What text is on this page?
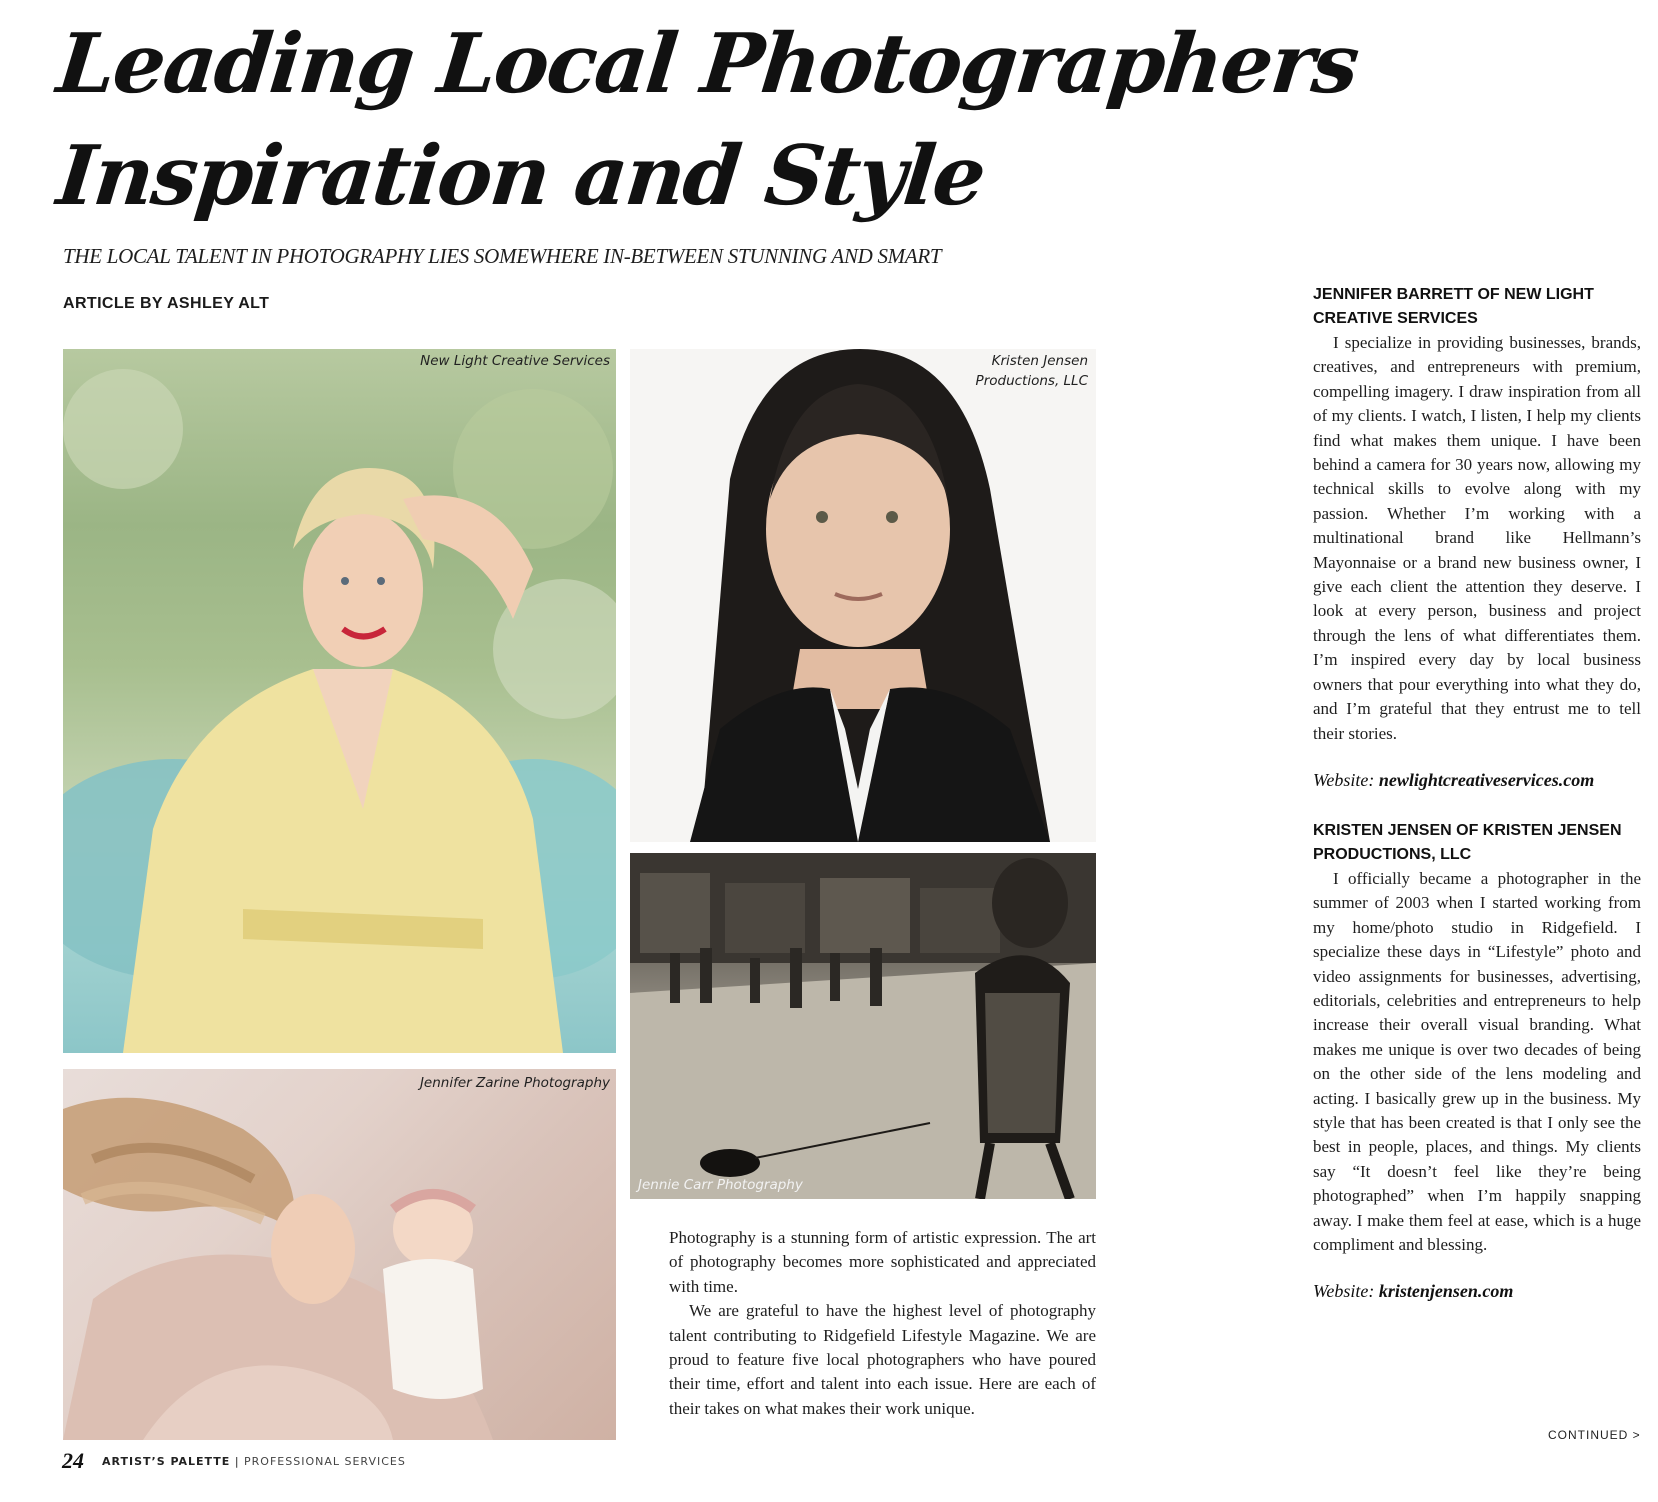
Leading Local Photographers
Inspiration and Style
THE LOCAL TALENT IN PHOTOGRAPHY LIES SOMEWHERE IN-BETWEEN STUNNING AND SMART
ARTICLE BY ASHLEY ALT
New Light Creative Services	Kristen Jensen
Productions, LLC
Jennie Carr Photography
Jennifer Zarine Photography

Photography is a stunning form of artistic expression. The art of photography becomes more sophisticated and appreciated with time.

We are grateful to have the highest level of photography talent contributing to Ridgefield Lifestyle Magazine. We are proud to feature five local photographers who have poured their time, effort and talent into each issue. Here are each of their takes on what makes their work unique.

JENNIFER BARRETT OF NEW LIGHT CREATIVE SERVICES

I specialize in providing businesses, brands, creatives, and entrepreneurs with premium, compelling imagery. I draw inspiration from all of my clients. I watch, I listen, I help my clients find what makes them unique. I have been behind a camera for 30 years now, allowing my technical skills to evolve along with my passion. Whether I’m working with a multinational brand like Hellmann’s Mayonnaise or a brand new business owner, I give each client the attention they deserve. I look at every person, business and project through the lens of what differentiates them. I’m inspired every day by local business owners that pour everything into what they do, and I’m grateful that they entrust me to tell their stories.

Website: newlightcreativeservices.com

KRISTEN JENSEN OF KRISTEN JENSEN PRODUCTIONS, LLC

I officially became a photographer in the summer of 2003 when I started working from my home/photo studio in Ridgefield. I specialize these days in “Lifestyle” photo and video assignments for businesses, advertising, editorials, celebrities and entrepreneurs to help increase their overall visual branding. What makes me unique is over two decades of being on the other side of the lens modeling and acting. I basically grew up in the business. My style that has been created is that I only see the best in people, places, and things. My clients say “It doesn’t feel like they’re being photographed” when I’m happily snapping away. I make them feel at ease, which is a huge compliment and blessing.

Website: kristenjensen.com
CONTINUED >
24 ARTIST’S PALETTE | PROFESSIONAL SERVICES
